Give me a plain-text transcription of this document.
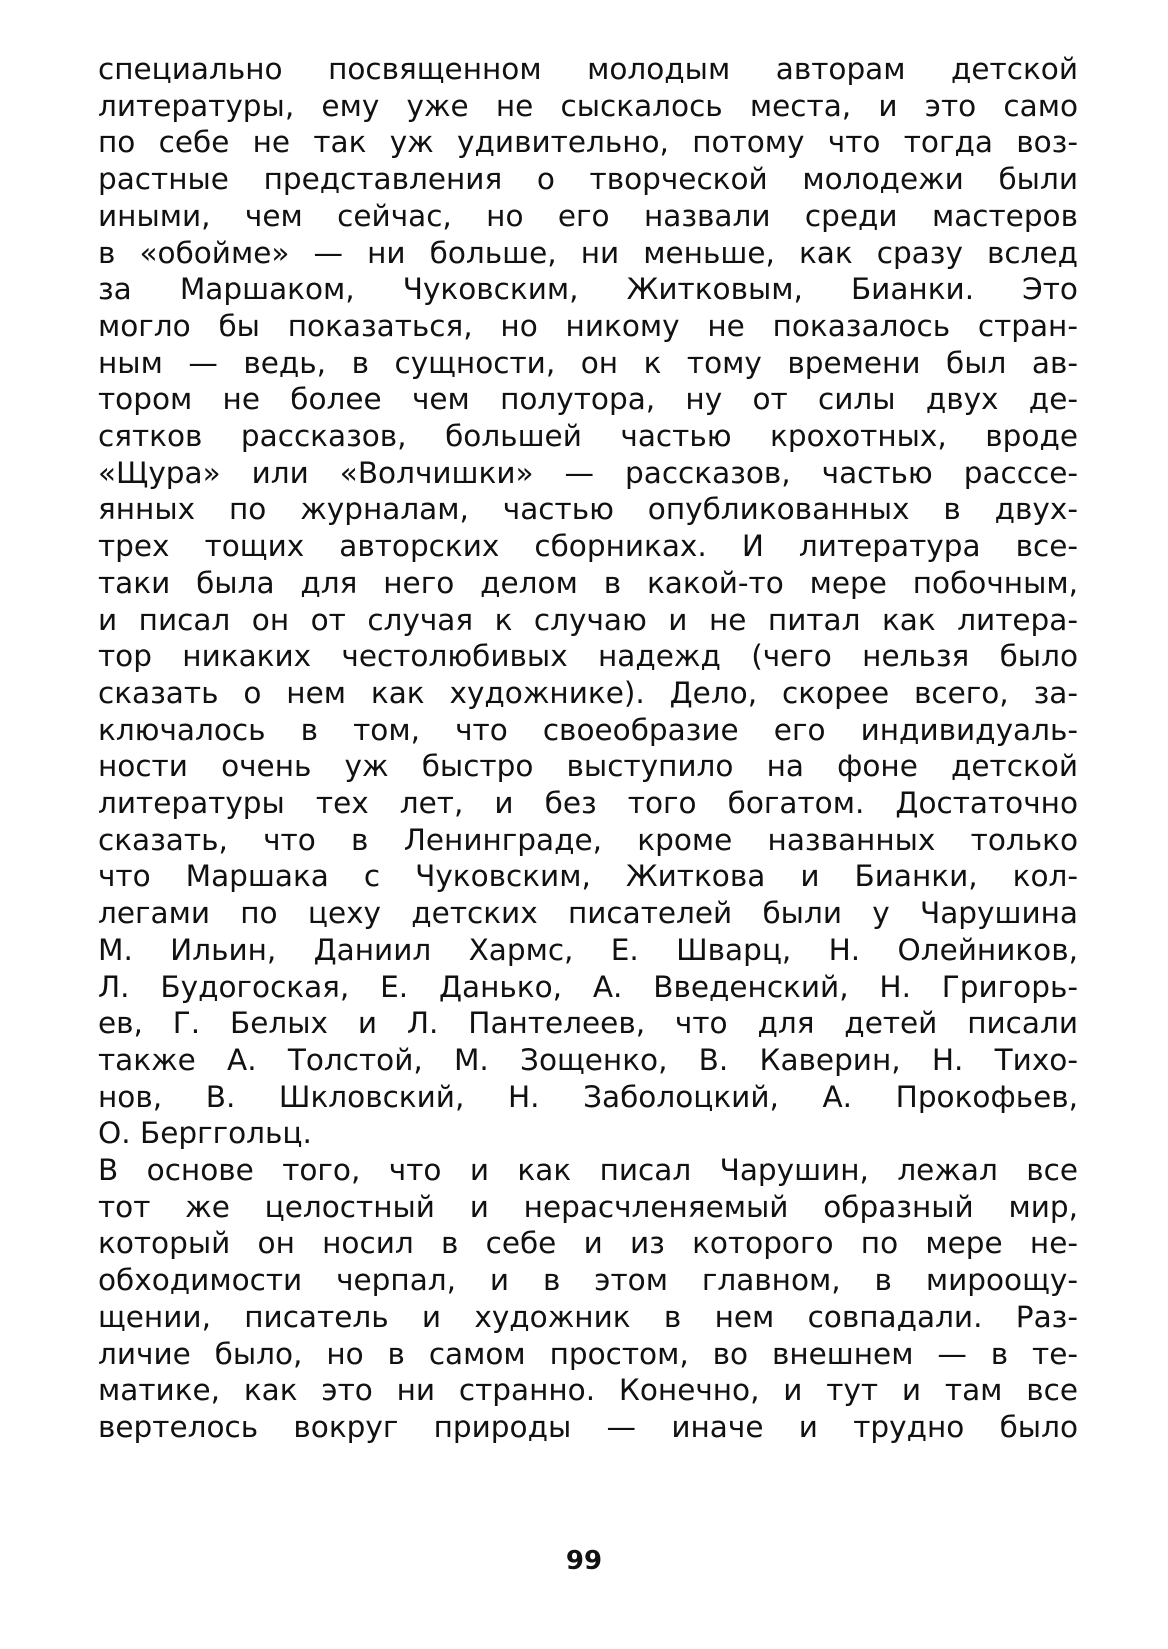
специально посвященном молодым авторам детской
литературы, ему уже не сыскалось места, и это само
по себе не так уж удивительно, потому что тогда воз-
растные представления о творческой молодежи были
иными, чем сейчас, но его назвали среди мастеров
в «обойме» — ни больше, ни меньше, как сразу вслед
за Маршаком, Чуковским, Житковым, Бианки. Это
могло бы показаться, но никому не показалось стран-
ным — ведь, в сущности, он к тому времени был ав-
тором не более чем полутора, ну от силы двух де-
сятков рассказов, большей частью крохотных, вроде
«Щура» или «Волчишки» — рассказов, частью расссе-
янных по журналам, частью опубликованных в двух-
трех тощих авторских сборниках. И литература все-
таки была для него делом в какой-то мере побочным,
и писал он от случая к случаю и не питал как литера-
тор никаких честолюбивых надежд (чего нельзя было
сказать о нем как художнике). Дело, скорее всего, за-
ключалось в том, что своеобразие его индивидуаль-
ности очень уж быстро выступило на фоне детской
литературы тех лет, и без того богатом. Достаточно
сказать, что в Ленинграде, кроме названных только
что Маршака с Чуковским, Житкова и Бианки, кол-
легами по цеху детских писателей были у Чарушина
М. Ильин, Даниил Хармс, Е. Шварц, Н. Олейников,
Л. Будогоская, Е. Данько, А. Введенский, Н. Григорь-
ев, Г. Белых и Л. Пантелеев, что для детей писали
также А. Толстой, М. Зощенко, В. Каверин, Н. Тихо-
нов, В. Шкловский, Н. Заболоцкий, А. Прокофьев,
О. Берггольц.
В основе того, что и как писал Чарушин, лежал все
тот же целостный и нерасчленяемый образный мир,
который он носил в себе и из которого по мере не-
обходимости черпал, и в этом главном, в мироощу-
щении, писатель и художник в нем совпадали. Раз-
личие было, но в самом простом, во внешнем — в те-
матике, как это ни странно. Конечно, и тут и там все
вертелось вокруг природы — иначе и трудно было
99
